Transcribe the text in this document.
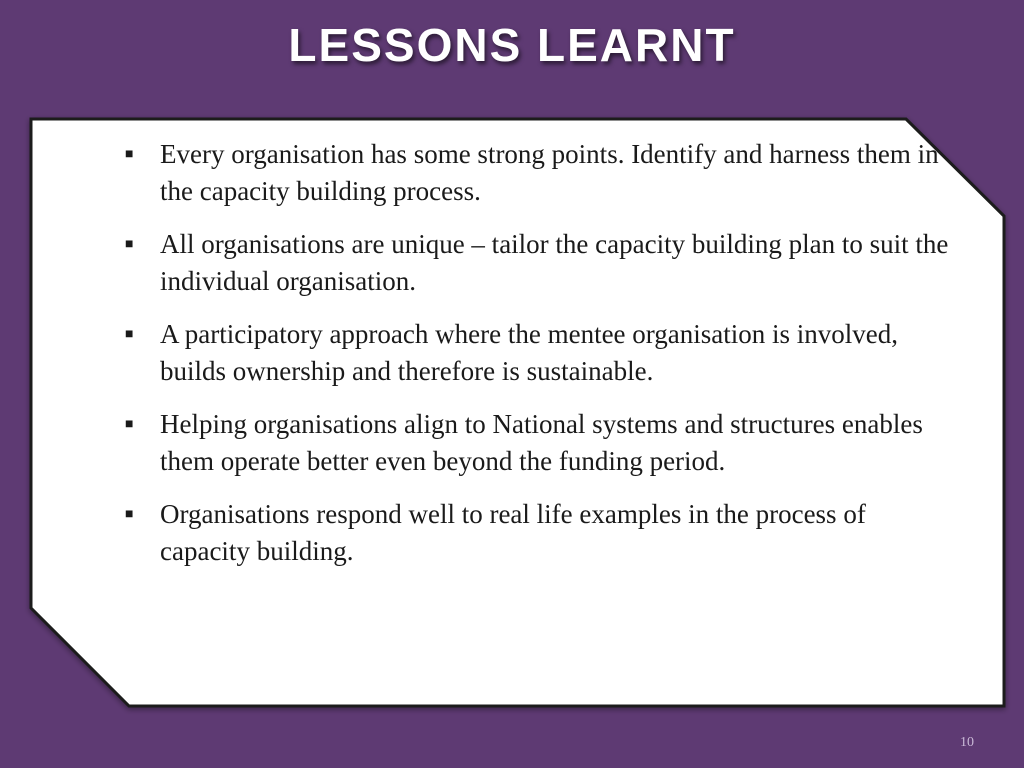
LESSONS LEARNT
■ Every organisation has some strong points. Identify and harness them in the capacity building process.
■ All organisations are unique – tailor the capacity building plan to suit the individual organisation.
■ A participatory approach where the mentee organisation is involved, builds ownership and therefore is sustainable.
■ Helping organisations align to National systems and structures enables them operate better even beyond the funding period.
■ Organisations respond well to real life examples in the process of capacity building.
10
